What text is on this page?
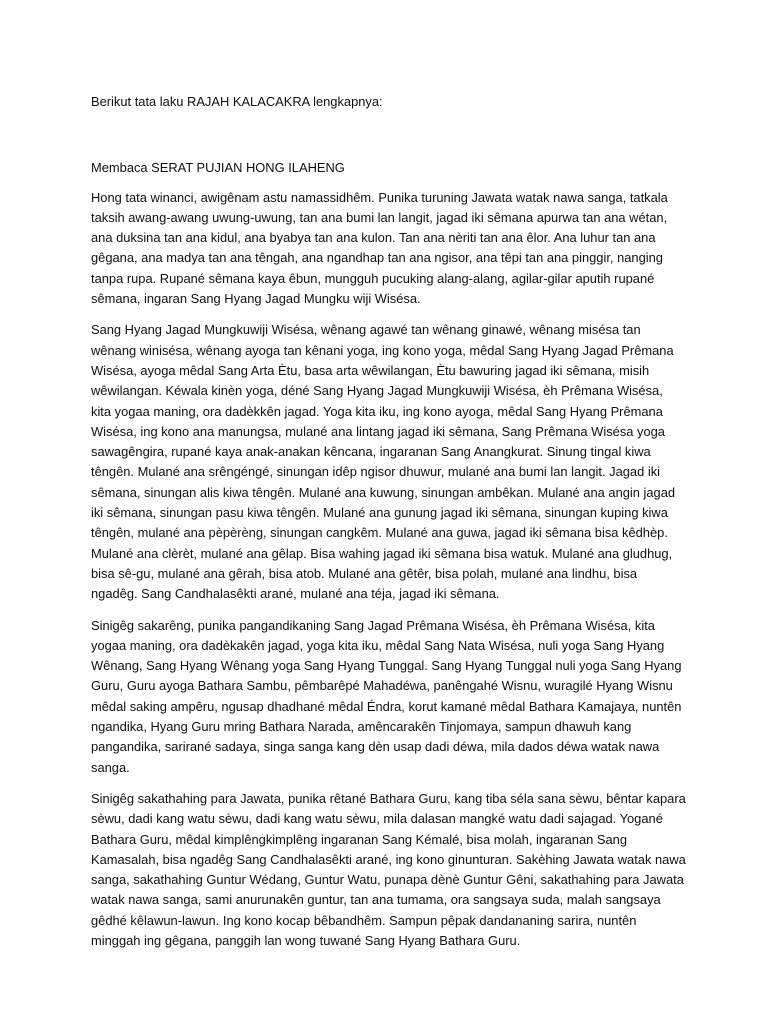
Berikut tata laku RAJAH KALACAKRA lengkapnya:

Membaca SERAT PUJIAN HONG ILAHENG

Hong tata winanci, awigênam astu namassidhêm. Punika turuning Jawata watak nawa sanga, tatkala taksih awang-awang uwung-uwung, tan ana bumi lan langit, jagad iki sêmana apurwa tan ana wétan, ana duksina tan ana kidul, ana byabya tan ana kulon. Tan ana nèriti tan ana êlor. Ana luhur tan ana gêgana, ana madya tan ana têngah, ana ngandhap tan ana ngisor, ana têpi tan ana pinggir, nanging tanpa rupa. Rupané sêmana kaya êbun, mungguh pucuking alang-alang, agilar-gilar aputih rupané sêmana, ingaran Sang Hyang Jagad Mungku wiji Wisésa.

Sang Hyang Jagad Mungkuwiji Wisésa, wênang agawé tan wênang ginawé, wênang misésa tan wênang winisésa, wênang ayoga tan kênani yoga, ing kono yoga, mêdal Sang Hyang Jagad Prêmana Wisésa, ayoga mêdal Sang Arta Ètu, basa arta wêwilangan, Ètu bawuring jagad iki sêmana, misih wêwilangan. Kéwala kinèn yoga, déné Sang Hyang Jagad Mungkuwiji Wisésa, èh Prêmana Wisésa, kita yogaa maning, ora dadèkkên jagad. Yoga kita iku, ing kono ayoga, mêdal Sang Hyang Prêmana Wisésa, ing kono ana manungsa, mulané ana lintang jagad iki sêmana, Sang Prêmana Wisésa yoga sawagêngira, rupané kaya anak-anakan kêncana, ingaranan Sang Anangkurat. Sinung tingal kiwa têngên. Mulané ana srêngéngé, sinungan idêp ngisor dhuwur, mulané ana bumi lan langit. Jagad iki sêmana, sinungan alis kiwa têngên. Mulané ana kuwung, sinungan ambêkan. Mulané ana angin jagad iki sêmana, sinungan pasu kiwa têngên. Mulané ana gunung jagad iki sêmana, sinungan kuping kiwa têngên, mulané ana pèpèrèng, sinungan cangkêm. Mulané ana guwa, jagad iki sêmana bisa kêdhèp. Mulané ana clèrèt, mulané ana gêlap. Bisa wahing jagad iki sêmana bisa watuk. Mulané ana gludhug, bisa sê-gu, mulané ana gêrah, bisa atob. Mulané ana gêtêr, bisa polah, mulané ana lindhu, bisa ngadêg. Sang Candhalasêkti arané, mulané ana téja, jagad iki sêmana.

Sinigêg sakarêng, punika pangandikaning Sang Jagad Prêmana Wisésa, èh Prêmana Wisésa, kita yogaa maning, ora dadèkakên jagad, yoga kita iku, mêdal Sang Nata Wisésa, nuli yoga Sang Hyang Wênang, Sang Hyang Wênang yoga Sang Hyang Tunggal. Sang Hyang Tunggal nuli yoga Sang Hyang Guru, Guru ayoga Bathara Sambu, pêmbarêpé Mahadéwa, panêngahé Wisnu, wuragilé Hyang Wisnu mêdal saking ampêru, ngusap dhadhané mêdal Éndra, korut kamané mêdal Bathara Kamajaya, nuntên ngandika, Hyang Guru mring Bathara Narada, amêncarakên Tinjomaya, sampun dhawuh kang pangandika, sarirané sadaya, singa sanga kang dèn usap dadi déwa, mila dados déwa watak nawa sanga.

Sinigêg sakathahing para Jawata, punika rêtané Bathara Guru, kang tiba séla sana sèwu, bêntar kapara sèwu, dadi kang watu sèwu, dadi kang watu sèwu, mila dalasan mangké watu dadi sajagad. Yogané Bathara Guru, mêdal kimplêngkimplêng ingaranan Sang Kémalé, bisa molah, ingaranan Sang Kamasalah, bisa ngadêg Sang Candhalasêkti arané, ing kono ginunturan. Sakèhing Jawata watak nawa sanga, sakathahing Guntur Wédang, Guntur Watu, punapa dènè Guntur Gêni, sakathahing para Jawata watak nawa sanga, sami anurunakên guntur, tan ana tumama, ora sangsaya suda, malah sangsaya gêdhé kêlawun-lawun. Ing kono kocap bêbandhêm. Sampun pêpak dandananing sarira, nuntên minggah ing gêgana, panggih lan wong tuwané Sang Hyang Bathara Guru.
